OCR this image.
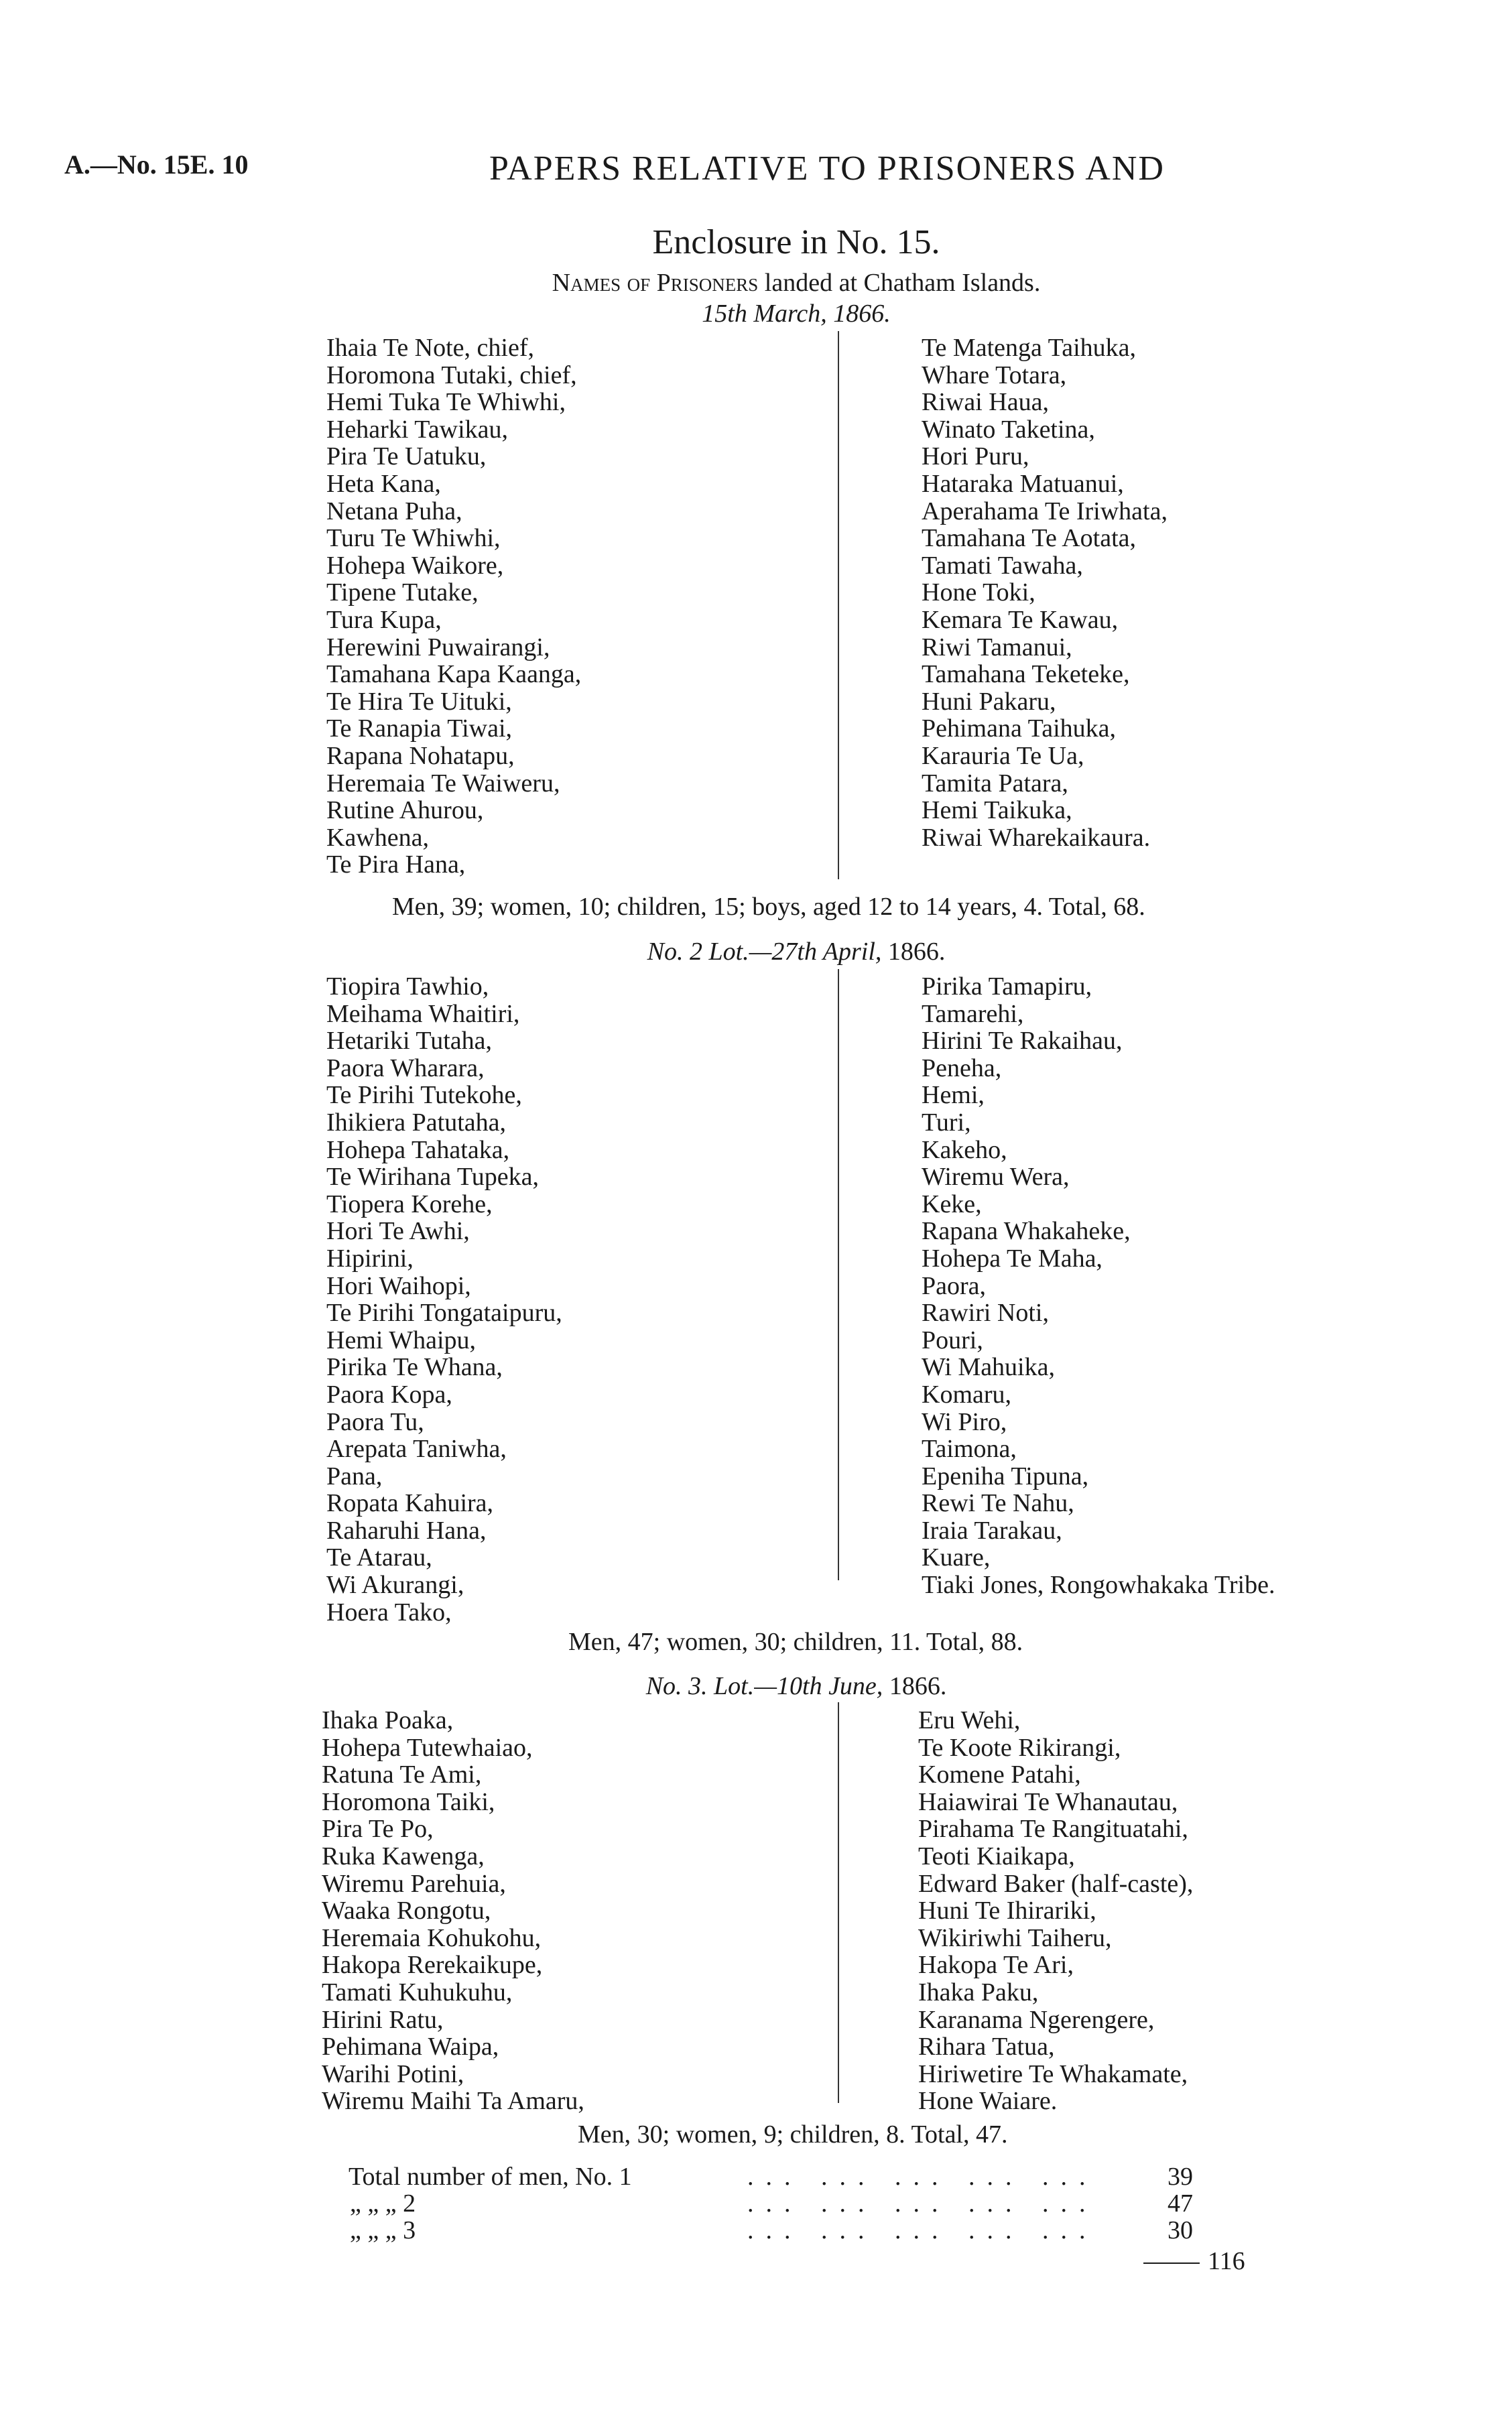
A.—No. 15E. 10	PAPERS RELATIVE TO PRISONERS AND
Enclosure in No. 15.
Names of Prisoners landed at Chatham Islands.
15th March, 1866.
Ihaia Te Note, chief,
Horomona Tutaki, chief,
Hemi Tuka Te Whiwhi,
Heharki Tawikau,
Pira Te Uatuku,
Heta Kana,
Netana Puha,
Turu Te Whiwhi,
Hohepa Waikore,
Tipene Tutake,
Tura Kupa,
Herewini Puwairangi,
Tamahana Kapa Kaanga,
Te Hira Te Uituki,
Te Ranapia Tiwai,
Rapana Nohatapu,
Heremaia Te Waiweru,
Rutine Ahurou,
Kawhena,
Te Pira Hana,
Te Matenga Taihuka,
Whare Totara,
Riwai Haua,
Winato Taketina,
Hori Puru,
Hataraka Matuanui,
Aperahama Te Iriwhata,
Tamahana Te Aotata,
Tamati Tawaha,
Hone Toki,
Kemara Te Kawau,
Riwi Tamanui,
Tamahana Teketeke,
Huni Pakaru,
Pehimana Taihuka,
Karauria Te Ua,
Tamita Patara,
Hemi Taikuka,
Riwai Wharekaikaura.
Men, 39; women, 10; children, 15; boys, aged 12 to 14 years, 4. Total, 68.
No. 2 Lot.—27th April, 1866.
Tiopira Tawhio,
Meihama Whaitiri,
Hetariki Tutaha,
Paora Wharara,
Te Pirihi Tutekohe,
Ihikiera Patutaha,
Hohepa Tahataka,
Te Wirihana Tupeka,
Tiopera Korehe,
Hori Te Awhi,
Hipirini,
Hori Waihopi,
Te Pirihi Tongataipuru,
Hemi Whaipu,
Pirika Te Whana,
Paora Kopa,
Paora Tu,
Arepata Taniwha,
Pana,
Ropata Kahuira,
Raharuhi Hana,
Te Atarau,
Wi Akurangi,
Hoera Tako,
Pirika Tamapiru,
Tamarehi,
Hirini Te Rakaihau,
Peneha,
Hemi,
Turi,
Kakeho,
Wiremu Wera,
Keke,
Rapana Whakaheke,
Hohepa Te Maha,
Paora,
Rawiri Noti,
Pouri,
Wi Mahuika,
Komaru,
Wi Piro,
Taimona,
Epeniha Tipuna,
Rewi Te Nahu,
Iraia Tarakau,
Kuare,
Tiaki Jones, Rongowhakaka Tribe.
Men, 47; women, 30; children, 11. Total, 88.
No. 3. Lot.—10th June, 1866.
Ihaka Poaka,
Hohepa Tutewhaiao,
Ratuna Te Ami,
Horomona Taiki,
Pira Te Po,
Ruka Kawenga,
Wiremu Parehuia,
Waaka Rongotu,
Heremaia Kohukohu,
Hakopa Rerekaikupe,
Tamati Kuhukuhu,
Hirini Ratu,
Pehimana Waipa,
Warihi Potini,
Wiremu Maihi Ta Amaru,
Eru Wehi,
Te Koote Rikirangi,
Komene Patahi,
Haiawirai Te Whanautau,
Pirahama Te Rangituatahi,
Teoti Kiaikapa,
Edward Baker (half-caste),
Huni Te Ihirariki,
Wikiriwhi Taiheru,
Hakopa Te Ari,
Ihaka Paku,
Karanama Ngerengere,
Rihara Tatua,
Hiriwetire Te Whakamate,
Hone Waiare.
Men, 30; women, 9; children, 8. Total, 47.
Total number of men, No. 1	... ... ... ... ...	39
„ „ „ 2	... ... ... ... ...	47
„ „ „ 3	... ... ... ... ...	30
116
